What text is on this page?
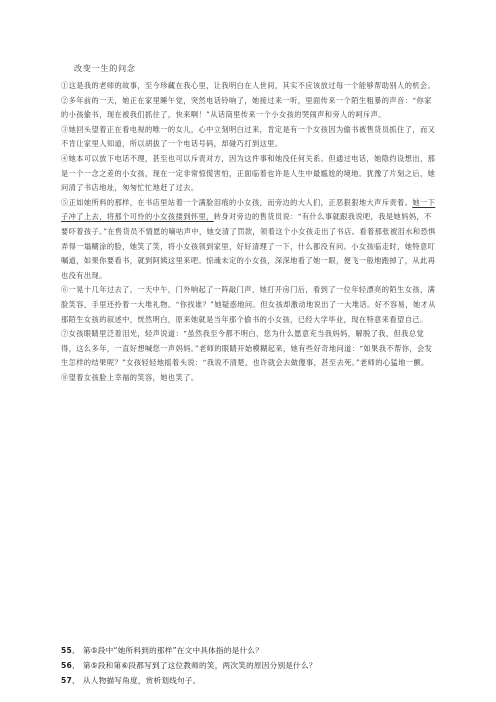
改变一生的问念

①这是我的老师的故事，至今珍藏在我心里，让我明白在人世间，其实不应该放过每一个能够帮助别人的机会。

②多年前的一天，她正在家里睡午觉，突然电话铃响了，她接过来一听，里面传来一个陌生粗暴的声音：“你家的小孩偷书，现在被我们抓住了，快来啊！”从话筒里传来一个小女孩的哭闹声和旁人的呵斥声。

③她回头望着正在看电视的唯一的女儿，心中立刻明白过来，肯定是有一个女孩因为偷书被售货员抓住了，而又不肯让家里人知道，所以胡拔了一个电话号码，却碰巧打到这里。

④她本可以放下电话不理，甚至也可以斥责对方，因为这件事和她没任何关系。但通过电话，她隐约设想出，那是一个一念之差的小女孩，现在一定非常惊慌害怕，正面临着也许是人生中最尴尬的境地。犹豫了片刻之后，她问清了书店地址，匆匆忙忙地赶了过去。

⑤正如她所料的那样，在书店里站着一个满脸泪痕的小女孩，而旁边的大人们，正恶狠狠地大声斥责着。她一下子冲了上去，将那个可怜的小女孩搂到怀里，转身对旁边的售货员说：“有什么事就跟我说吧，我是她妈妈，不要吓着孩子。”在售货员不情愿的嘀咕声中，她交清了罚款，领着这个小女孩走出了书店。看着那张被泪水和恐惧弄得一塌糊涂的脸，她笑了笑，将小女孩领到家里，好好清理了一下，什么都没有问。小女孩临走时，她特意叮嘱道，如果你要看书，就到阿姨这里来吧。惊魂未定的小女孩，深深地看了她一眼，便飞一般地跑掉了，从此再也没有出现。

⑥一晃十几年过去了，一天中午，门外响起了一阵敲门声，她打开房门后，看到了一位年轻漂亮的陌生女孩，满脸笑容，手里还拎着一大堆礼物。“你找谁？”她疑惑地问。但女孩却激动地说出了一大堆话。好不容易，她才从那陌生女孩的叙述中，恍然明白，原来她就是当年那个偷书的小女孩，已经大学毕业，现在特意来看望自己。

⑦女孩眼睛里泛着泪光，轻声说道：“虽然我至今都不明白，您为什么愿意充当我妈妈，解脱了我，但我总觉得，这么多年，一直好想喊您一声妈妈。”老师的眼睛开始模糊起来，她有些好奇地问道：“如果我不帮你，会发生怎样的结果呢？”女孩轻轻地摇着头说：“我说不清楚，也许就会去做傻事，甚至去死。”老师的心猛地一颤。

⑧望着女孩脸上幸福的笑容，她也笑了。

55． 第⑤段中“她所料到的那样”在文中具体指的是什么？

56． 第⑤段和第⑥段都写到了这位教师的笑，两次笑的原因分别是什么？

57． 从人物描写角度，赏析划线句子。
